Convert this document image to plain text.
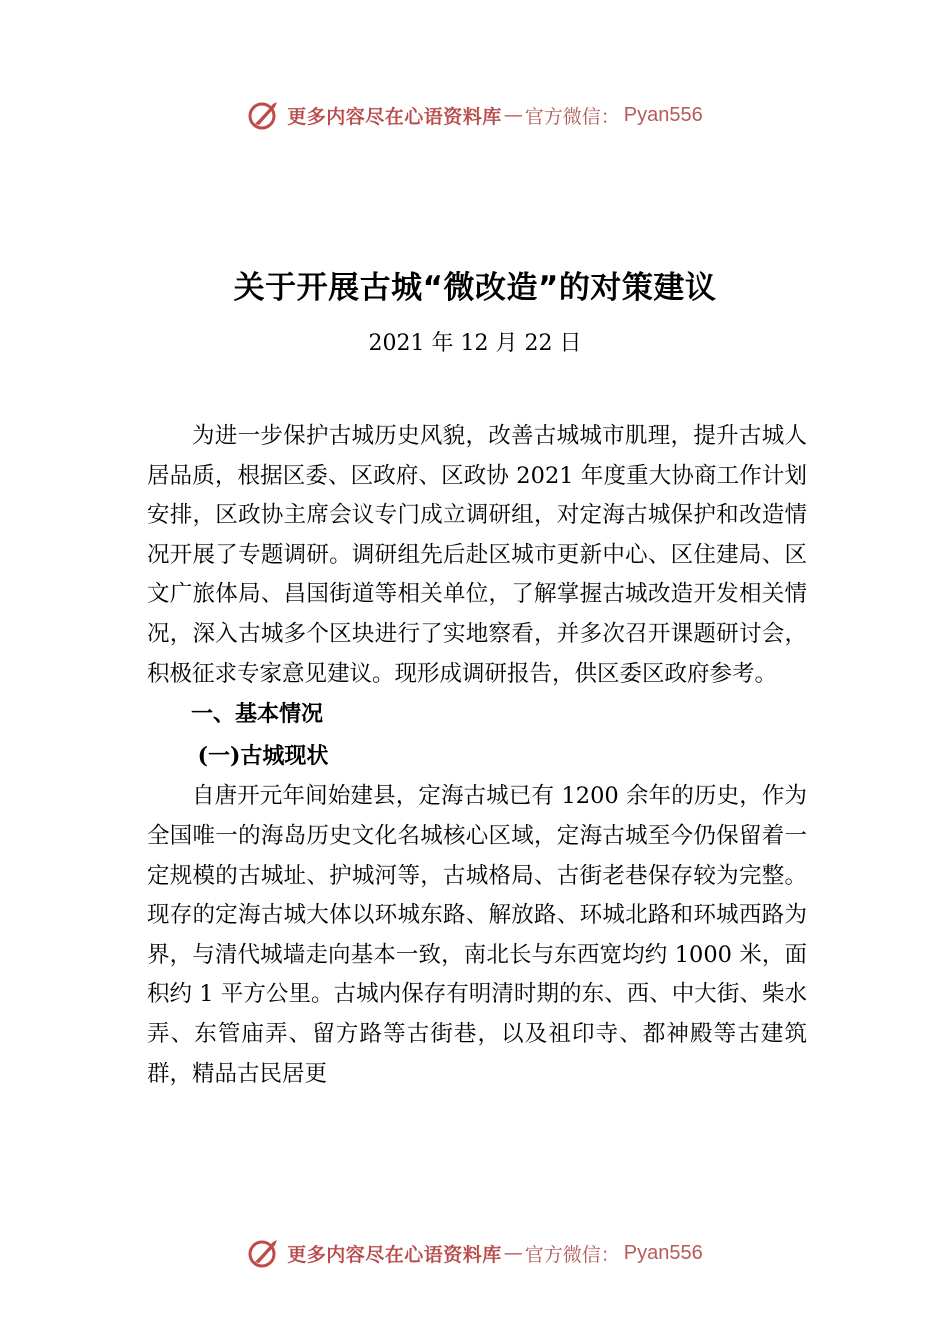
更多内容尽在心语资料库 — 官方微信： Pyan556
关于开展古城“微改造”的对策建议
2021 年 12 月 22 日

为进一步保护古城历史风貌，改善古城城市肌理，提升古城人居品质，根据区委、区政府、区政协 2021 年度重大协商工作计划安排，区政协主席会议专门成立调研组，对定海古城保护和改造情况开展了专题调研。调研组先后赴区城市更新中心、区住建局、区文广旅体局、昌国街道等相关单位，了解掌握古城改造开发相关情况，深入古城多个区块进行了实地察看，并多次召开课题研讨会，积极征求专家意见建议。现形成调研报告，供区委区政府参考。

一、基本情况
(一)古城现状

自唐开元年间始建县，定海古城已有 1200 余年的历史，作为全国唯一的海岛历史文化名城核心区域，定海古城至今仍保留着一定规模的古城址、护城河等，古城格局、古街老巷保存较为完整。现存的定海古城大体以环城东路、解放路、环城北路和环城西路为界，与清代城墙走向基本一致，南北长与东西宽均约 1000 米，面积约 1 平方公里。古城内保存有明清时期的东、西、中大街、柴水弄、东管庙弄、留方路等古街巷，以及祖印寺、都神殿等古建筑群，精品古民居更

更多内容尽在心语资料库 — 官方微信： Pyan556
